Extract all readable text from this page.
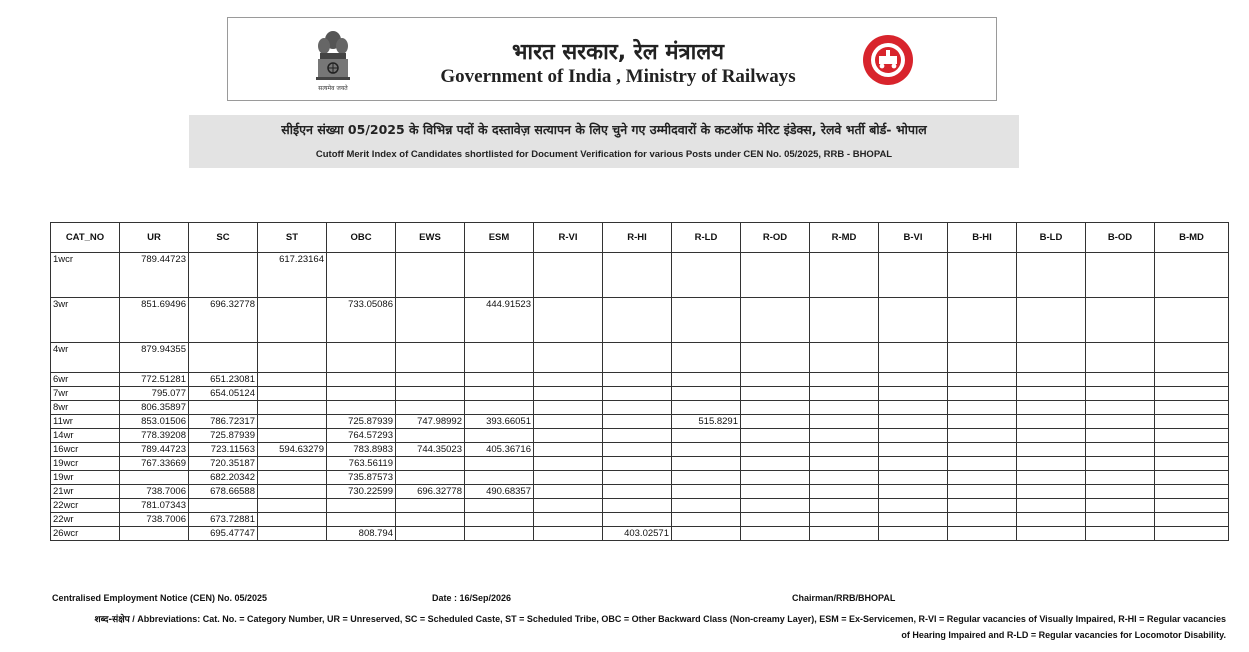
सत्यमेव जयते
भारत सरकार, रेल मंत्रालय
Government of India , Ministry of Railways
सीईएन संख्या 05/2025 के विभिन्न पदों के दस्तावेज़ सत्यापन के लिए चुने गए उम्मीदवारों के कटऑफ मेरिट इंडेक्स, रेलवे भर्ती बोर्ड- भोपाल
Cutoff Merit Index of Candidates shortlisted for Document Verification for various Posts under CEN No. 05/2025, RRB - BHOPAL
CAT_NO	UR	SC	ST	OBC	EWS	ESM	R-VI	R-HI	R-LD	R-OD	R-MD	B-VI	B-HI	B-LD	B-OD	B-MD
1wcr	789.44723		617.23164													
3wr	851.69496	696.32778		733.05086		444.91523										
4wr	879.94355															
6wr	772.51281	651.23081														
7wr	795.077	654.05124														
8wr	806.35897															
11wr	853.01506	786.72317		725.87939	747.98992	393.66051			515.8291							
14wr	778.39208	725.87939		764.57293												
16wcr	789.44723	723.11563	594.63279	783.8983	744.35023	405.36716										
19wcr	767.33669	720.35187		763.56119												
19wr		682.20342		735.87573												
21wr	738.7006	678.66588		730.22599	696.32778	490.68357										
22wcr	781.07343															
22wr	738.7006	673.72881														
26wcr		695.47747		808.794				403.02571								
Centralised Employment Notice (CEN) No. 05/2025	Date : 16/Sep/2026	Chairman/RRB/BHOPAL
शब्द-संक्षेप / Abbreviations: Cat. No. = Category Number, UR = Unreserved, SC = Scheduled Caste, ST = Scheduled Tribe, OBC = Other Backward Class (Non-creamy Layer), ESM = Ex-Servicemen, R-VI = Regular vacancies of Visually Impaired, R-HI = Regular vacancies
of Hearing Impaired and R-LD = Regular vacancies for Locomotor Disability.
